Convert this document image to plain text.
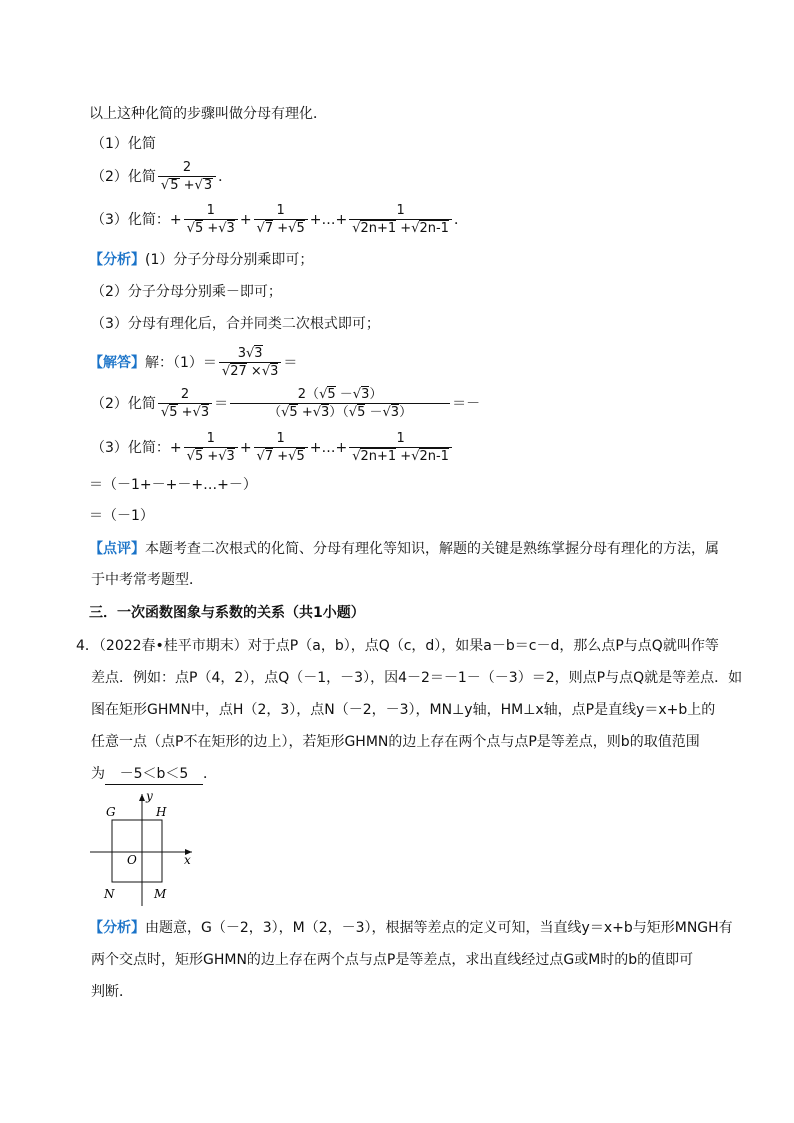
以上这种化简的步骤叫做分母有理化．
（1）化简
（2）化简 $\frac{2}{√5 +√3}$ ．
（3）化简：+ $\frac{1}{√5 +√3} + \frac{1}{√7 +√5}$ +…+ $\frac{1}{√2n+1 +√2n-1}$ ．
【分析】(1）分子分母分别乘即可；
（2）分子分母分别乘－即可；
（3）分母有理化后，合并同类二次根式即可；
【解答】解：$(1)= \frac{3√3}{√27 \times√3}$ ＝
（2）化简 $\frac{2}{√5 +√3} = \frac{2(√5 -√3)}{(√5 +√3)(√5 -√3)}$ ＝－
（3）化简：+ $\frac{1}{√5 +√3} + \frac{1}{√7 +√5}$ +…+ $\frac{1}{√2n+1 +√2n-1}$
＝（－1+－+－+…+－）
＝（－1）
【点评】本题考查二次根式的化简、分母有理化等知识，解题的关键是熟练掌握分母有理化的方法，属
于中考常考题型．
三．一次函数图象与系数的关系（共1小题）
4．（2022春•桂平市期末）对于点P（a，b），点Q（c，d），如果a－b＝c－d，那么点P与点Q就叫作等
差点．例如：点P（4，2），点Q（－1，－3），因4－2＝－1－（－3）＝2，则点P与点Q就是等差点．如
图在矩形GHMN中，点H（2，3），点N（－2，－3），MN⊥y轴，HM⊥x轴，点P是直线y＝x+b上的
任意一点（点P不在矩形的边上），若矩形GHMN的边上存在两个点与点P是等差点，则b的取值范围
为 －5＜b＜5 ．
G	H
N	M
O	x
y
【分析】由题意，G（－2，3），M（2，－3），根据等差点的定义可知，当直线y＝x+b与矩形MNGH有
两个交点时，矩形GHMN的边上存在两个点与点P是等差点，求出直线经过点G或M时的b的值即可
判断．
